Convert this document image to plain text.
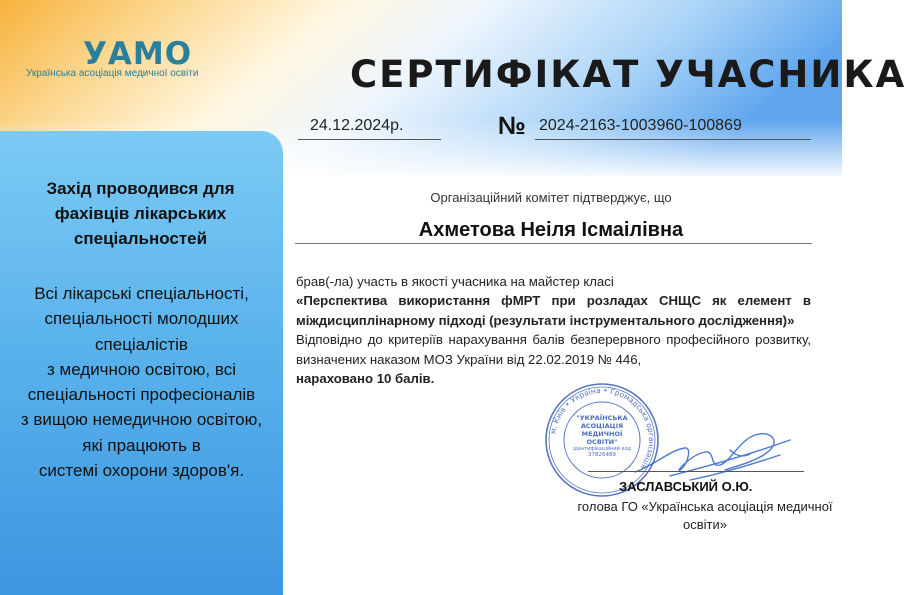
УАМО
Українська асоціація медичної освіти	СЕРТИФІКАТ УЧАСНИКА
24.12.2024р.	№ 2024-2163-1003960-100869
Захід проводився для фахівців лікарських спеціальностей
Всі лікарські спеціальності,
спеціальності молодших
спеціалістів
з медичною освітою, всі
спеціальності професіоналів
з вищою немедичною освітою,
які працюють в
системі охорони здоров'я.
Організаційний комітет підтверджує, що
Ахметова Неіля Ісмаілівна

брав(-ла) участь в якості учасника на майстер класі

«Перспектива використання фМРТ при розладах СНЩС як елемент в міждисциплінарному підході (результати інструментального дослідження)»

Відповідно до критеріїв нарахування балів безперервного професійного розвитку, визначених наказом МОЗ України від 22.02.2019 № 446,

нараховано 10 балів.

м. Київ • Україна • Громадська організація
"УКРАЇНСЬКА АСОЦІАЦІЯ МЕДИЧНОЇ ОСВІТИ"
ідентифікаційний код
37826489
ЗАСЛАВСЬКИЙ О.Ю.
голова ГО «Українська асоціація медичної освіти»
